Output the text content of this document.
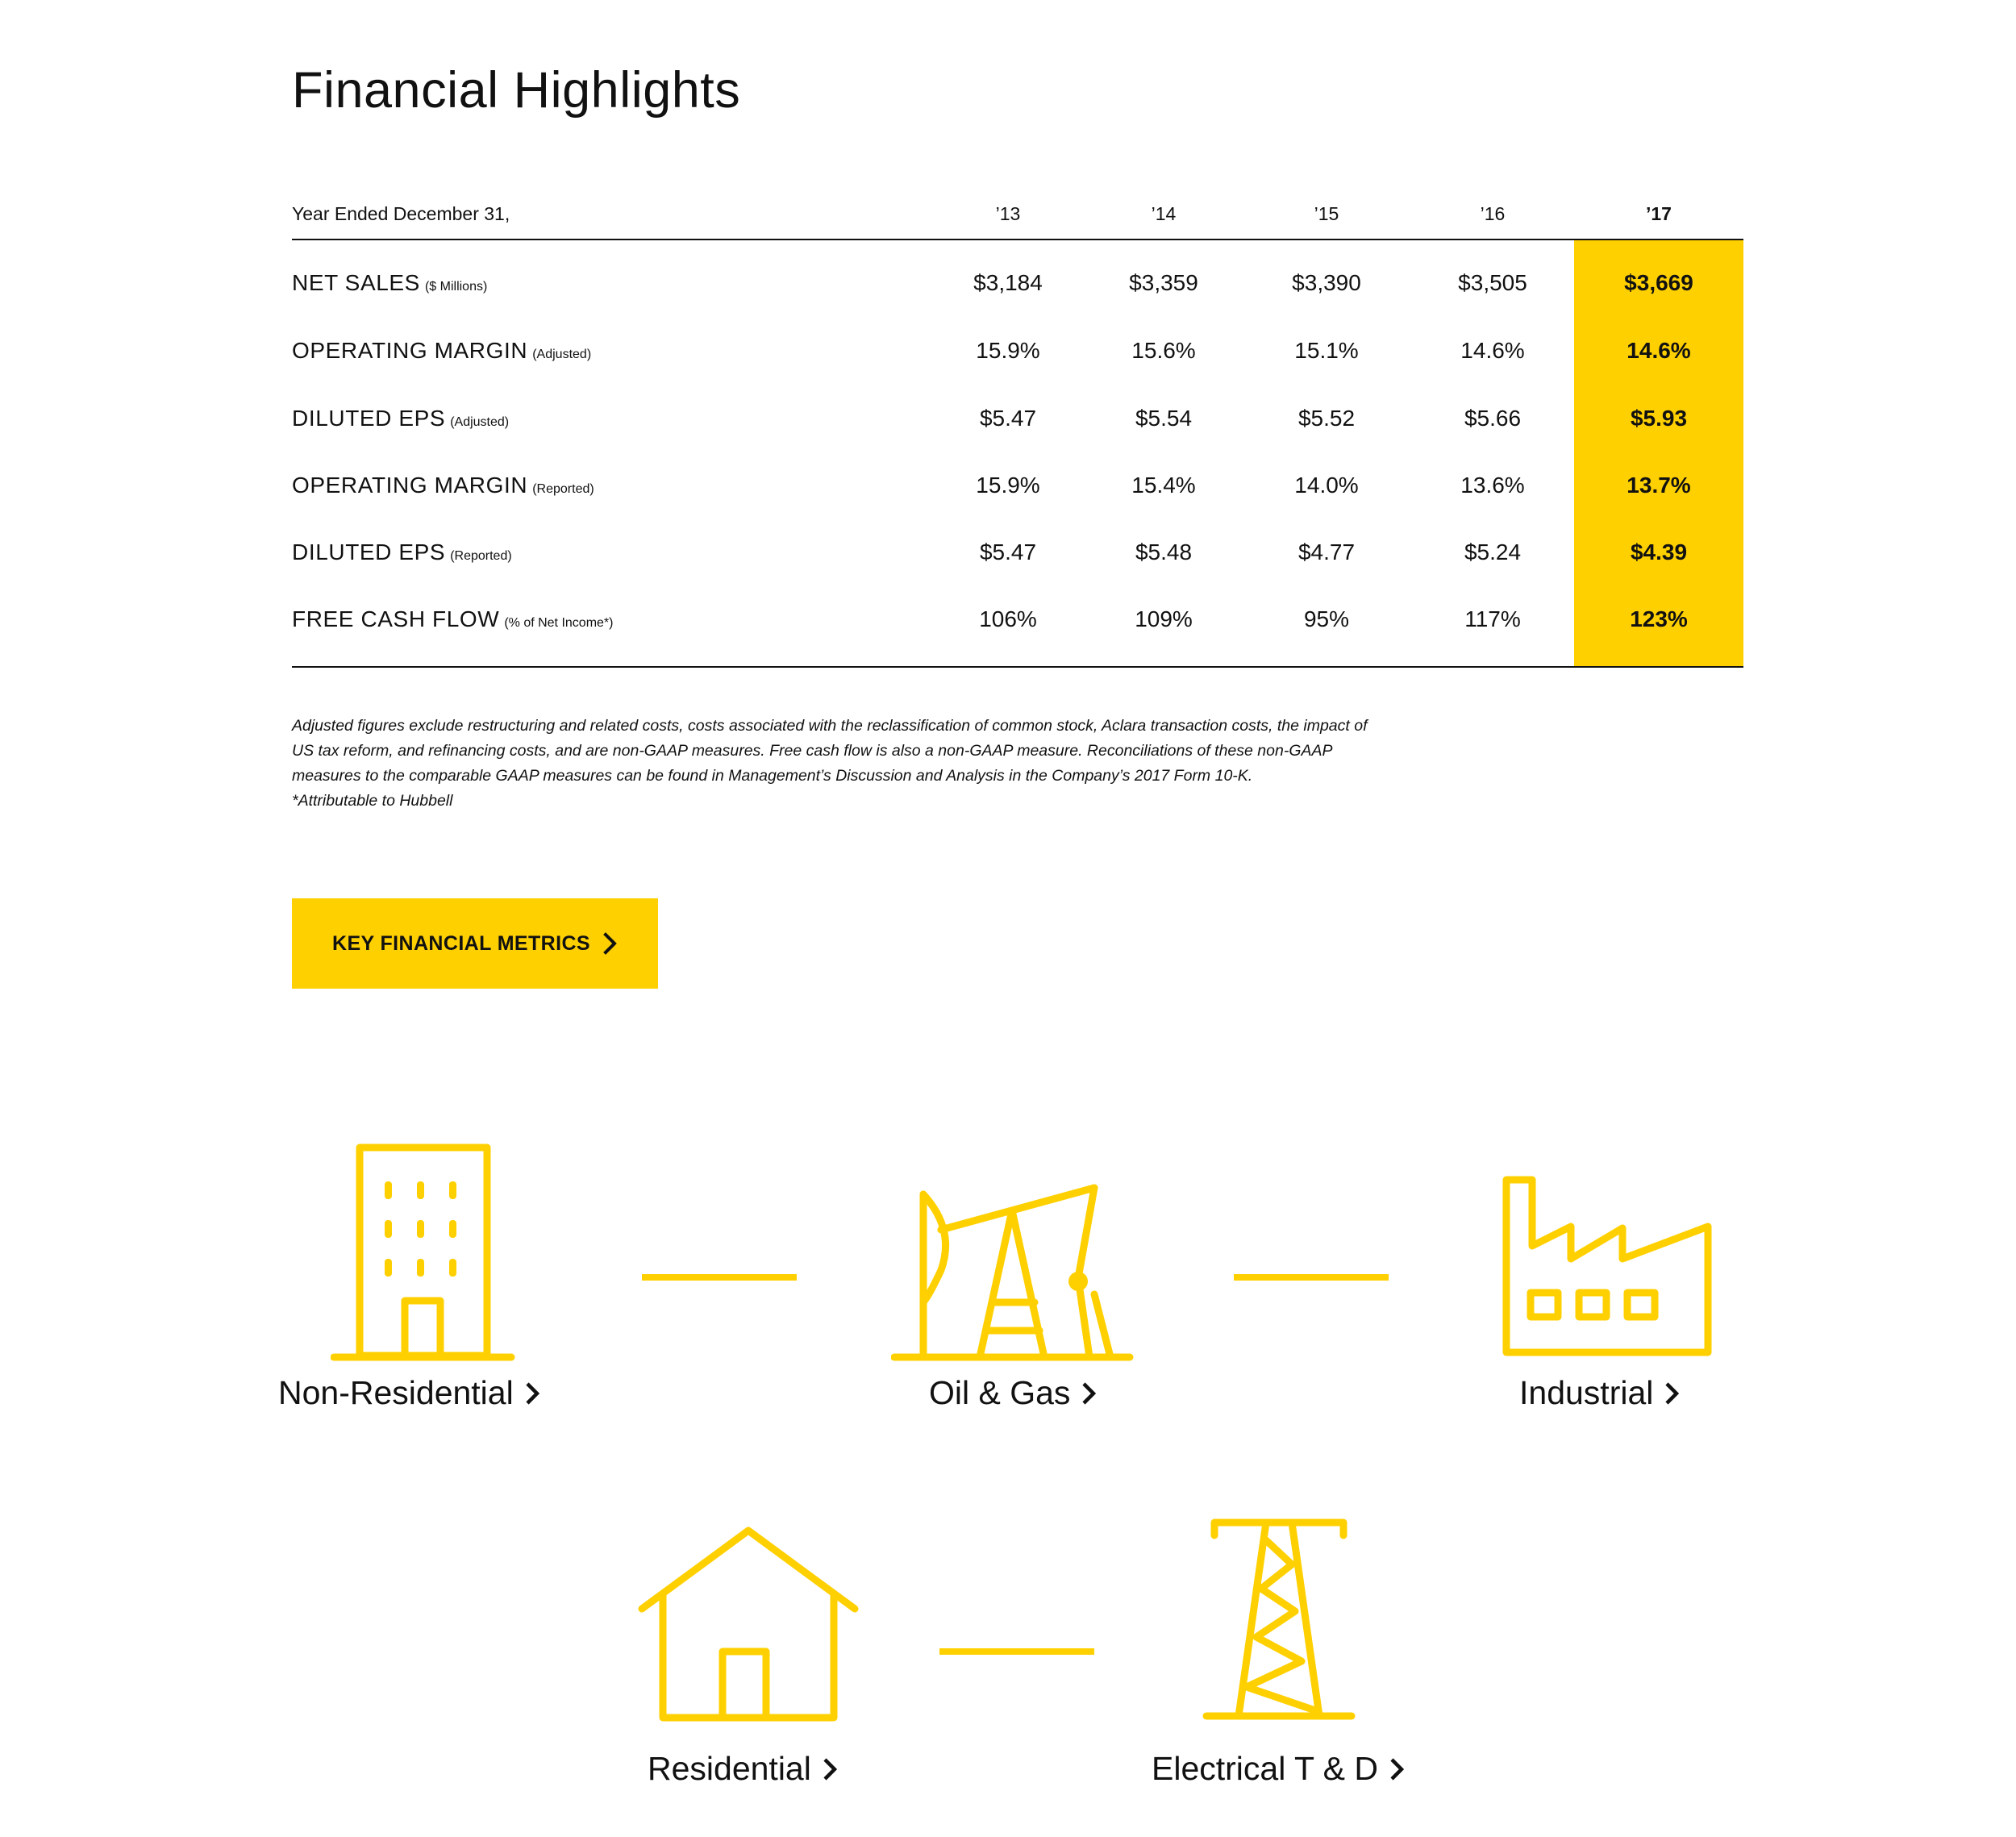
Financial Highlights
Year Ended December 31,	’13	’14	’15	’16	’17
NET SALES ($ Millions)	$3,184	$3,359	$3,390	$3,505	$3,669
OPERATING MARGIN (Adjusted)	15.9%	15.6%	15.1%	14.6%	14.6%
DILUTED EPS (Adjusted)	$5.47	$5.54	$5.52	$5.66	$5.93
OPERATING MARGIN (Reported)	15.9%	15.4%	14.0%	13.6%	13.7%
DILUTED EPS (Reported)	$5.47	$5.48	$4.77	$5.24	$4.39
FREE CASH FLOW (% of Net Income*)	106%	109%	95%	117%	123%

Adjusted figures exclude restructuring and related costs, costs associated with the reclassification of common stock, Aclara transaction costs, the impact of US tax reform, and refinancing costs, and are non-GAAP measures. Free cash flow is also a non-GAAP measure. Reconciliations of these non-GAAP measures to the comparable GAAP measures can be found in Management’s Discussion and Analysis in the Company’s 2017 Form 10-K.

*Attributable to Hubbell

KEY FINANCIAL METRICS
Non-Residential	Oil & Gas	Industrial
Residential	Electrical T & D
